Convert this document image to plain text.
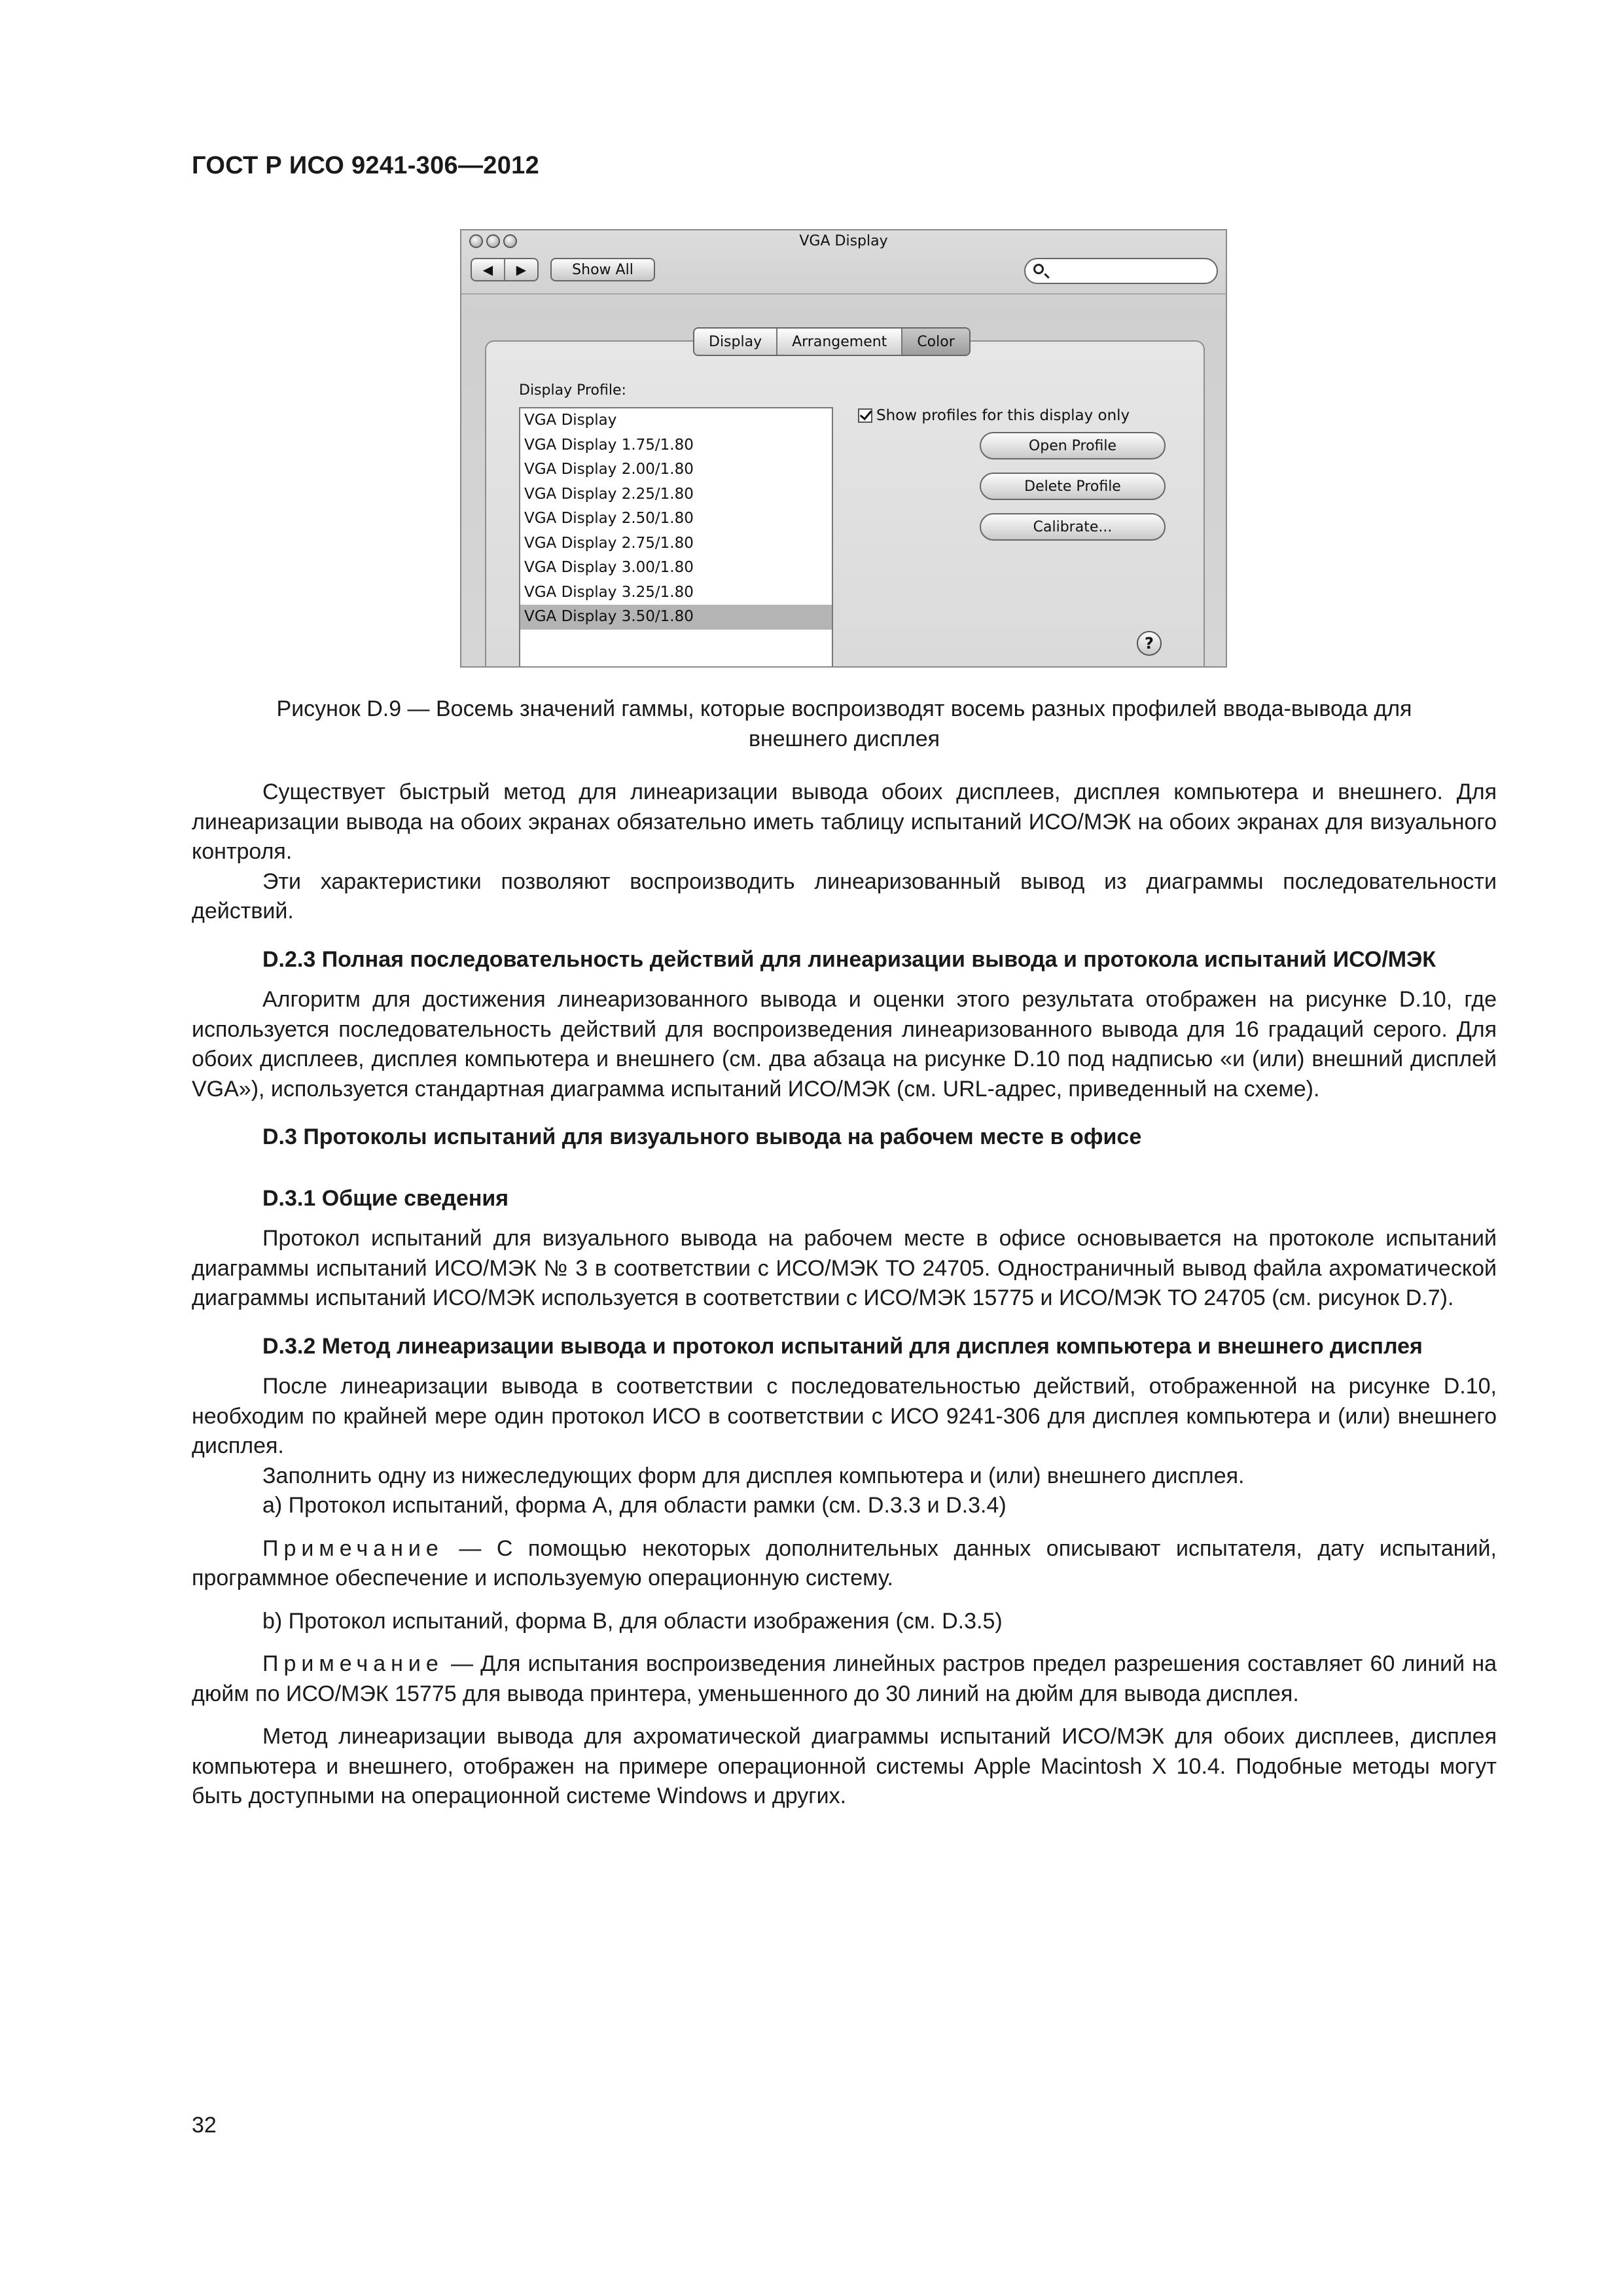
ГОСТ Р ИСО 9241-306—2012
VGA Display
◀	▶	Show All
Display	Arrangement	Color
Display Profile:
VGA Display
VGA Display 1.75/1.80
VGA Display 2.00/1.80
VGA Display 2.25/1.80
VGA Display 2.50/1.80
VGA Display 2.75/1.80
VGA Display 3.00/1.80
VGA Display 3.25/1.80
VGA Display 3.50/1.80
Show profiles for this display only
Open Profile
Delete Profile
Calibrate...
?
Рисунок D.9 — Восемь значений гаммы, которые воспроизводят восемь разных профилей ввода-вывода для
внешнего дисплея

Существует быстрый метод для линеаризации вывода обоих дисплеев, дисплея компьютера и внешнего. Для линеаризации вывода на обоих экранах обязательно иметь таблицу испытаний ИСО/МЭК на обоих экранах для визуального контроля.

Эти характеристики позволяют воспроизводить линеаризованный вывод из диаграммы последовательности действий.

D.2.3 Полная последовательность действий для линеаризации вывода и протокола испытаний ИСО/МЭК

Алгоритм для достижения линеаризованного вывода и оценки этого результата отображен на рисунке D.10, где используется последовательность действий для воспроизведения линеаризованного вывода для 16 градаций серого. Для обоих дисплеев, дисплея компьютера и внешнего (см. два абзаца на рисунке D.10 под надписью «и (или) внешний дисплей VGA»), используется стандартная диаграмма испытаний ИСО/МЭК (см. URL-адрес, приведенный на схеме).

D.3 Протоколы испытаний для визуального вывода на рабочем месте в офисе

D.3.1 Общие сведения

Протокол испытаний для визуального вывода на рабочем месте в офисе основывается на протоколе испытаний диаграммы испытаний ИСО/МЭК № 3 в соответствии с ИСО/МЭК ТО 24705. Одностраничный вывод файла ахроматической диаграммы испытаний ИСО/МЭК используется в соответствии с ИСО/МЭК 15775 и ИСО/МЭК ТО 24705 (см. рисунок D.7).

D.3.2 Метод линеаризации вывода и протокол испытаний для дисплея компьютера и внешнего дисплея

После линеаризации вывода в соответствии с последовательностью действий, отображенной на рисунке D.10, необходим по крайней мере один протокол ИСО в соответствии с ИСО 9241-306 для дисплея компьютера и (или) внешнего дисплея.

Заполнить одну из нижеследующих форм для дисплея компьютера и (или) внешнего дисплея.

a) Протокол испытаний, форма А, для области рамки (см. D.3.3 и D.3.4)

Примечание — С помощью некоторых дополнительных данных описывают испытателя, дату испытаний, программное обеспечение и используемую операционную систему.

b) Протокол испытаний, форма В, для области изображения (см. D.3.5)

Примечание — Для испытания воспроизведения линейных растров предел разрешения составляет 60 линий на дюйм по ИСО/МЭК 15775 для вывода принтера, уменьшенного до 30 линий на дюйм для вывода дисплея.

Метод линеаризации вывода для ахроматической диаграммы испытаний ИСО/МЭК для обоих дисплеев, дисплея компьютера и внешнего, отображен на примере операционной системы Apple Macintosh X 10.4. Подобные методы могут быть доступными на операционной системе Windows и других.

32
